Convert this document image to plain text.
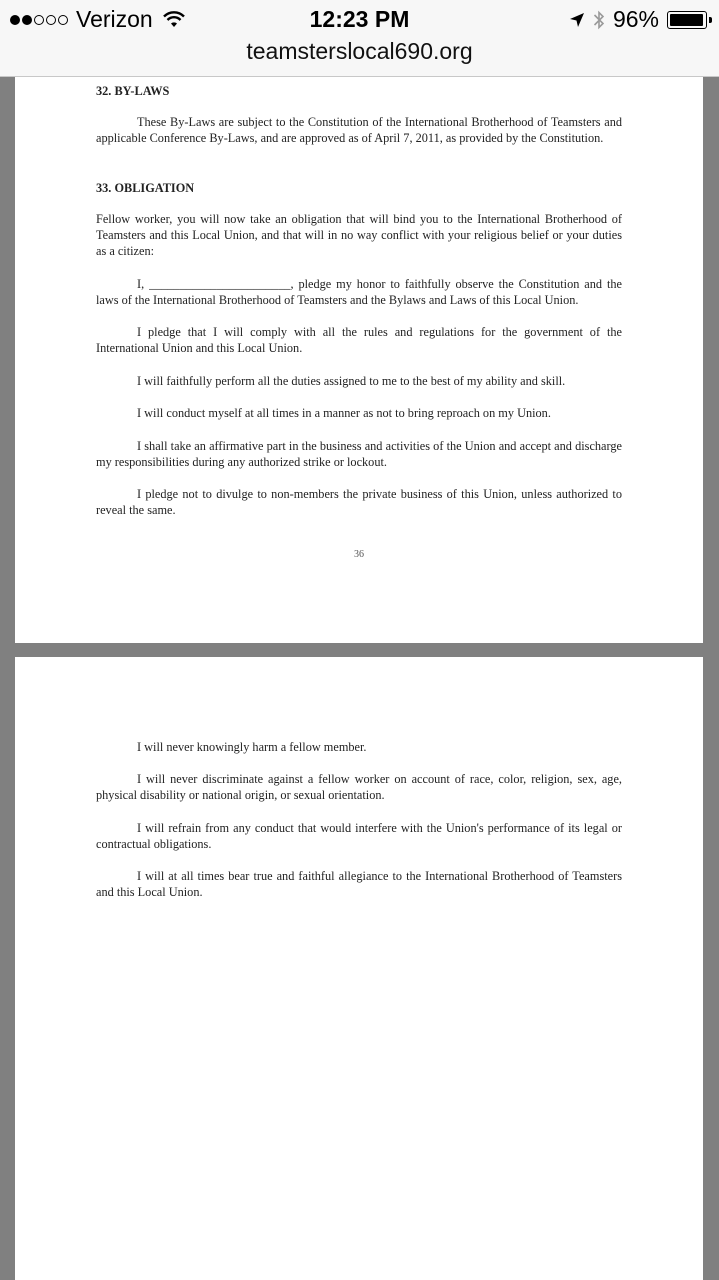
Verizon	12:23 PM	96%
teamsterslocal690.org
32. BY-LAWS
These By-Laws are subject to the Constitution of the International Brotherhood of Teamsters and applicable Conference By-Laws, and are approved as of April 7, 2011, as provided by the Constitution.
33. OBLIGATION
Fellow worker, you will now take an obligation that will bind you to the International Brotherhood of Teamsters and this Local Union, and that will in no way conflict with your religious belief or your duties as a citizen:
I, _______________________, pledge my honor to faithfully observe the Constitution and the laws of the International Brotherhood of Teamsters and the Bylaws and Laws of this Local Union.
I pledge that I will comply with all the rules and regulations for the government of the International Union and this Local Union.
I will faithfully perform all the duties assigned to me to the best of my ability and skill.
I will conduct myself at all times in a manner as not to bring reproach on my Union.
I shall take an affirmative part in the business and activities of the Union and accept and discharge my responsibilities during any authorized strike or lockout.
I pledge not to divulge to non-members the private business of this Union, unless authorized to reveal the same.
36
I will never knowingly harm a fellow member.
I will never discriminate against a fellow worker on account of race, color, religion, sex, age, physical disability or national origin, or sexual orientation.
I will refrain from any conduct that would interfere with the Union's performance of its legal or contractual obligations.
I will at all times bear true and faithful allegiance to the International Brotherhood of Teamsters and this Local Union.
